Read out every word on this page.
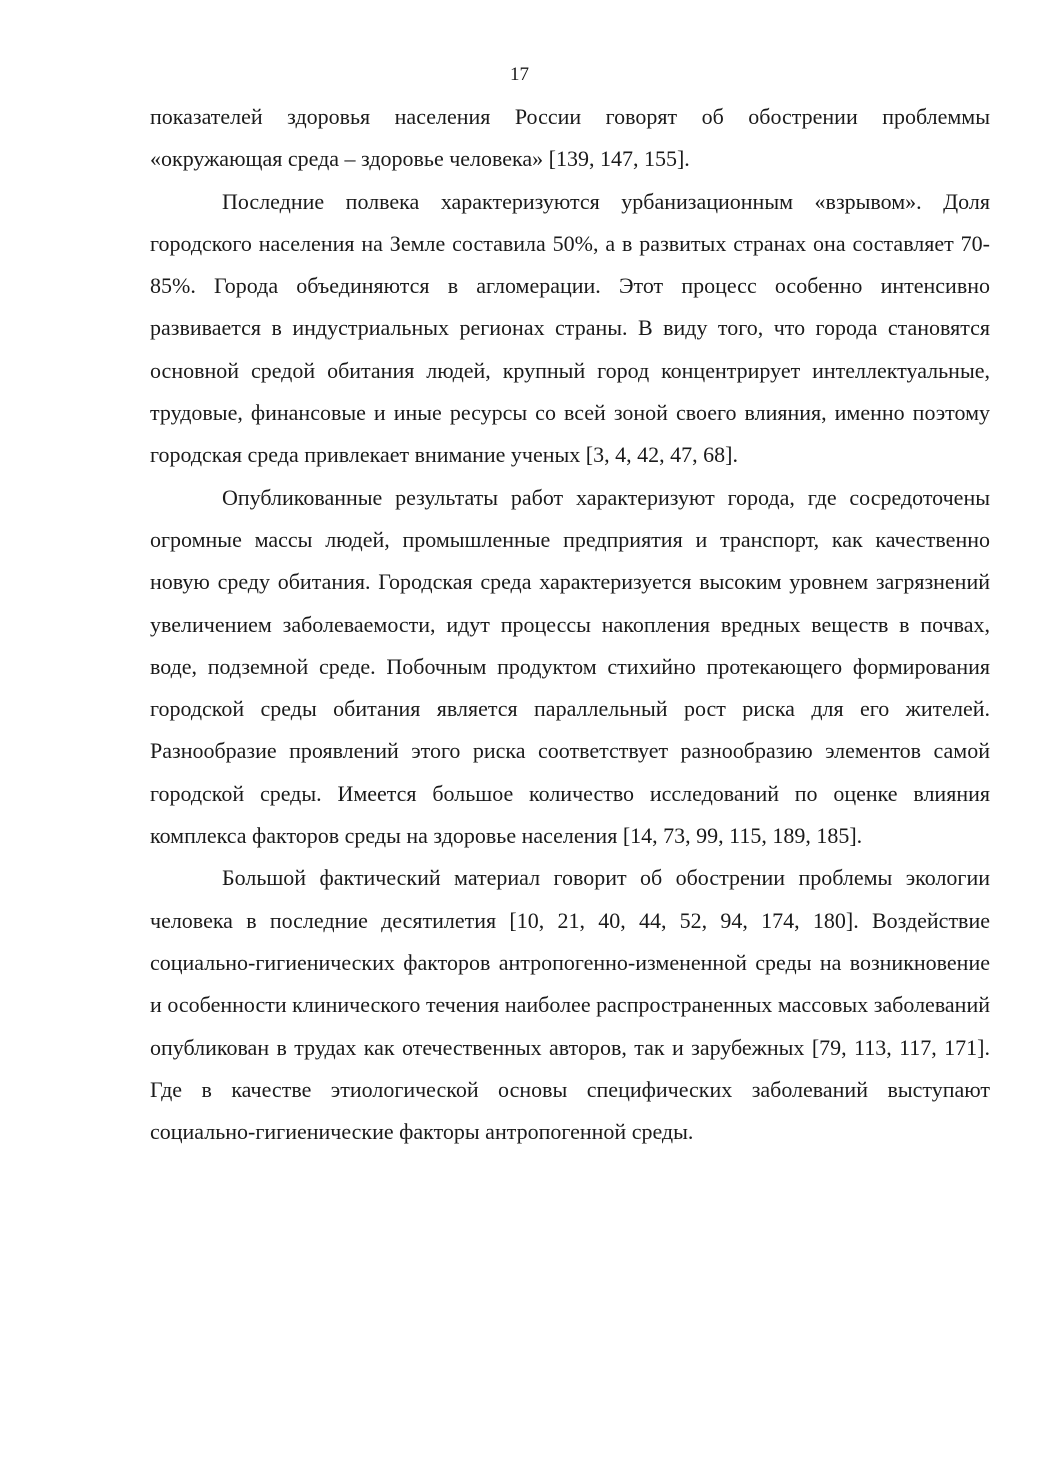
17

показателей здоровья населения России говорят об обострении проблеммы «окружающая среда – здоровье человека» [139, 147, 155].

Последние полвека характеризуются урбанизационным «взрывом». Доля городского населения на Земле составила 50%, а в развитых странах она составляет 70-85%. Города объединяются в агломерации. Этот процесс особенно интенсивно развивается в индустриальных регионах страны. В виду того, что города становятся основной средой обитания людей, крупный город концентрирует интеллектуальные, трудовые, финансовые и иные ресурсы со всей зоной своего влияния, именно поэтому городская среда привлекает внимание ученых [3, 4, 42, 47, 68].

Опубликованные результаты работ характеризуют города, где сосредоточены огромные массы людей, промышленные предприятия и транспорт, как качественно новую среду обитания. Городская среда характеризуется высоким уровнем загрязнений увеличением заболеваемости, идут процессы накопления вредных веществ в почвах, воде, подземной среде. Побочным продуктом стихийно протекающего формирования городской среды обитания является параллельный рост риска для его жителей. Разнообразие проявлений этого риска соответствует разнообразию элементов самой городской среды. Имеется большое количество исследований по оценке влияния комплекса факторов среды на здоровье населения [14, 73, 99, 115, 189, 185].

Большой фактический материал говорит об обострении проблемы экологии человека в последние десятилетия [10, 21, 40, 44, 52, 94, 174, 180]. Воздействие социально-гигиенических факторов антропогенно-измененной среды на возникновение и особенности клинического течения наиболее распространенных массовых заболеваний опубликован в трудах как отечественных авторов, так и зарубежных [79, 113, 117, 171]. Где в качестве этиологической основы специфических заболеваний выступают социально-гигиенические факторы антропогенной среды.
